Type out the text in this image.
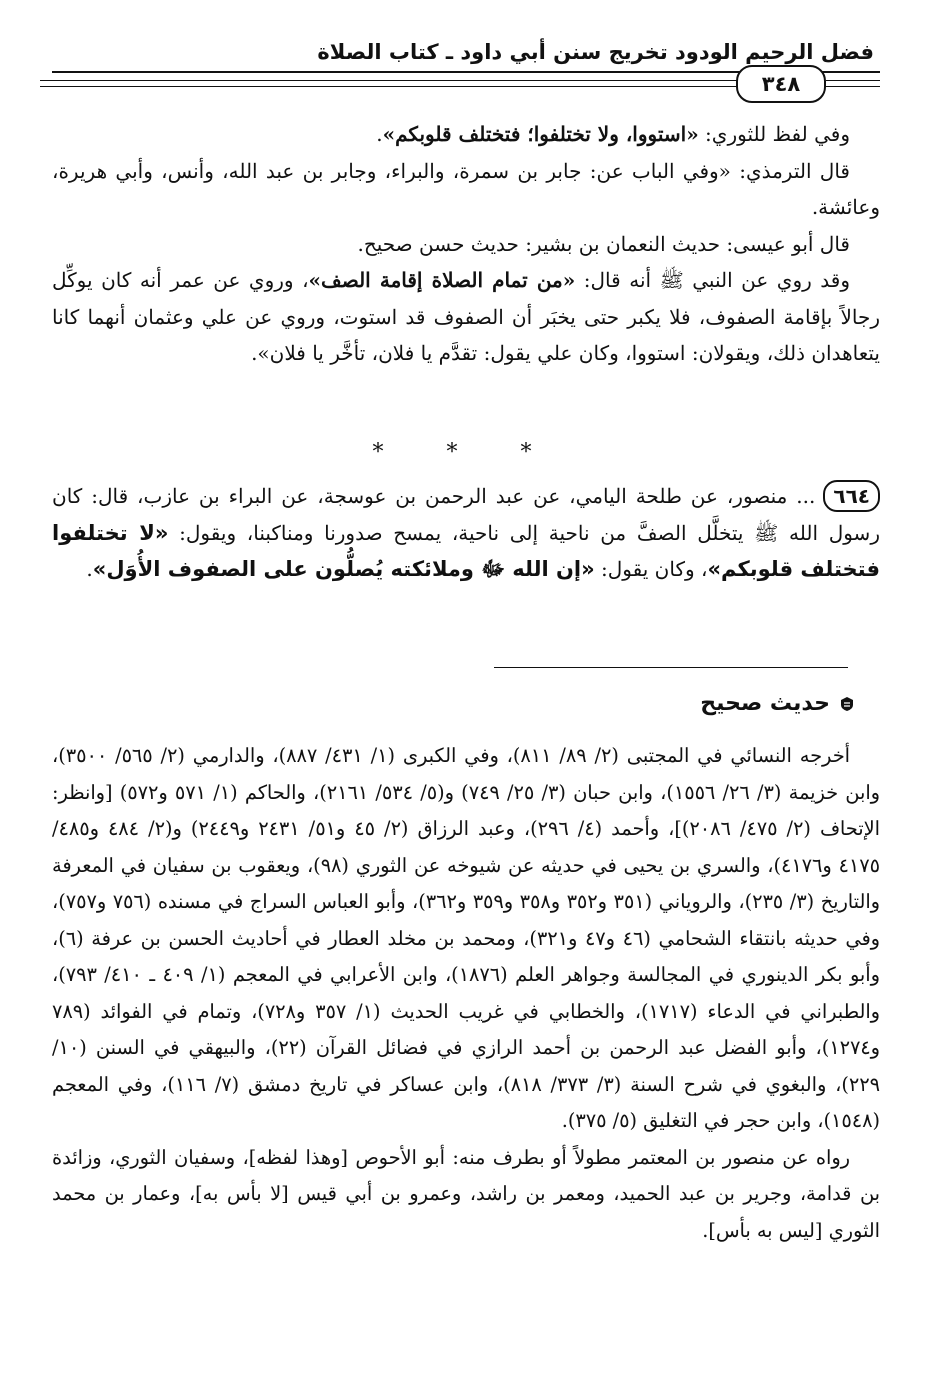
فضل الرحيم الودود تخريج سنن أبي داود ـ كتاب الصلاة
٣٤٨

وفي لفظ للثوري: «استووا، ولا تختلفوا؛ فتختلف قلوبكم».

قال الترمذي: «وفي الباب عن: جابر بن سمرة، والبراء، وجابر بن عبد الله، وأنس، وأبي هريرة، وعائشة.

قال أبو عيسى: حديث النعمان بن بشير: حديث حسن صحيح.

وقد روي عن النبي ﷺ أنه قال: «من تمام الصلاة إقامة الصف»، وروي عن عمر أنه كان يوكِّل رجالاً بإقامة الصفوف، فلا يكبر حتى يخبَر أن الصفوف قد استوت، وروي عن علي وعثمان أنهما كانا يتعاهدان ذلك، ويقولان: استووا، وكان علي يقول: تقدَّم يا فلان، تأخَّر يا فلان».

* * *

٦٦٤... منصور، عن طلحة اليامي، عن عبد الرحمن بن عوسجة، عن البراء بن عازب، قال: كان رسول الله ﷺ يتخلَّل الصفَّ من ناحية إلى ناحية، يمسح صدورنا ومناكبنا، ويقول: «لا تختلفوا فتختلف قلوبكم»، وكان يقول: «إن الله ﷻ وملائكته يُصلُّون على الصفوف الأُوَل».

حديث صحيح

أخرجه النسائي في المجتبى (٢/ ٨٩/ ٨١١)، وفي الكبرى (١/ ٤٣١/ ٨٨٧)، والدارمي (٢/ ٥٦٥/ ٣٥٠٠)، وابن خزيمة (٣/ ٢٦/ ١٥٥٦)، وابن حبان (٣/ ٢٥/ ٧٤٩) و(٥/ ٥٣٤/ ٢١٦١)، والحاكم (١/ ٥٧١ و٥٧٢) [وانظر: الإتحاف (٢/ ٤٧٥/ ٢٠٨٦)]، وأحمد (٤/ ٢٩٦)، وعبد الرزاق (٢/ ٤٥ و٥١/ ٢٤٣١ و٢٤٤٩) و(٢/ ٤٨٤ و٤٨٥/ ٤١٧٥ و٤١٧٦)، والسري بن يحيى في حديثه عن شيوخه عن الثوري (٩٨)، ويعقوب بن سفيان في المعرفة والتاريخ (٣/ ٢٣٥)، والروياني (٣٥١ و٣٥٢ و٣٥٨ و٣٥٩ و٣٦٢)، وأبو العباس السراج في مسنده (٧٥٦ و٧٥٧)، وفي حديثه بانتقاء الشحامي (٤٦ و٤٧ و٣٢١)، ومحمد بن مخلد العطار في أحاديث الحسن بن عرفة (٦)، وأبو بكر الدينوري في المجالسة وجواهر العلم (١٨٧٦)، وابن الأعرابي في المعجم (١/ ٤٠٩ ـ ٤١٠/ ٧٩٣)، والطبراني في الدعاء (١٧١٧)، والخطابي في غريب الحديث (١/ ٣٥٧ و٧٢٨)، وتمام في الفوائد (٧٨٩ و١٢٧٤)، وأبو الفضل عبد الرحمن بن أحمد الرازي في فضائل القرآن (٢٢)، والبيهقي في السنن (١٠/ ٢٢٩)، والبغوي في شرح السنة (٣/ ٣٧٣/ ٨١٨)، وابن عساكر في تاريخ دمشق (٧/ ١١٦)، وفي المعجم (١٥٤٨)، وابن حجر في التغليق (٥/ ٣٧٥).

رواه عن منصور بن المعتمر مطولاً أو بطرف منه: أبو الأحوص [وهذا لفظه]، وسفيان الثوري، وزائدة بن قدامة، وجرير بن عبد الحميد، ومعمر بن راشد، وعمرو بن أبي قيس [لا بأس به]، وعمار بن محمد الثوري [ليس به بأس].
